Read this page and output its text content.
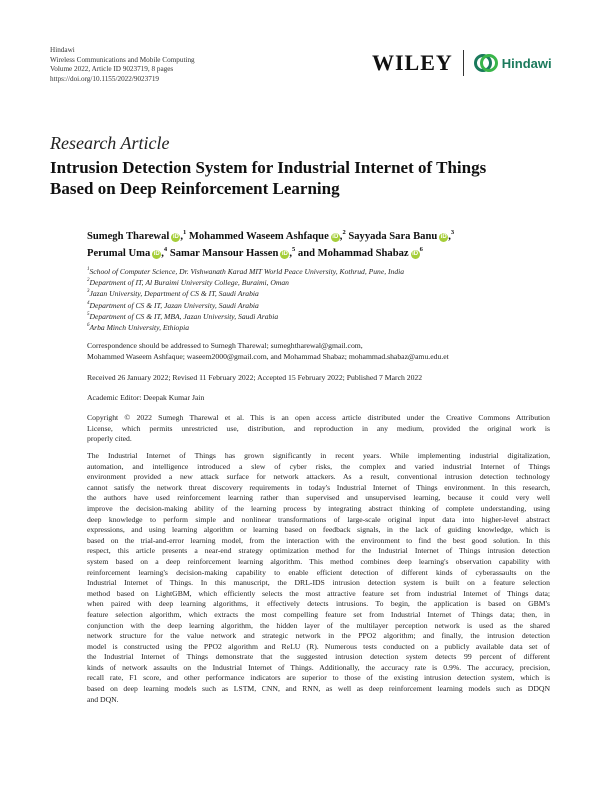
Hindawi
Wireless Communications and Mobile Computing
Volume 2022, Article ID 9023719, 8 pages
https://doi.org/10.1155/2022/9023719
WILEY	Hindawi
Research Article
Intrusion Detection System for Industrial Internet of Things
Based on Deep Reinforcement Learning
Sumegh Tharewal iD ,$^1$ Mohammed Waseem Ashfaque iD ,$^2$ Sayyada Sara Banu iD ,$^3$
Perumal Uma iD ,$^4$ Samar Mansour Hassen iD ,$^5$ and Mohammad Shabaz $iD^6$
$^1$School of Computer Science, Dr. Vishwanath Karad MIT World Peace University, Kothrud, Pune, India
$^2$Department of IT, Al Buraimi University College, Buraimi, Oman
$^3$Jazan University, Department of CS & IT, Saudi Arabia
$^4$Department of CS & IT, Jazan University, Saudi Arabia
$^5$Department of CS & IT, MBA, Jazan University, Saudi Arabia
$^6$Arba Minch University, Ethiopia
Correspondence should be addressed to Sumegh Tharewal; sumeghtharewal@gmail.com,
Mohammed Waseem Ashfaque; waseem2000@gmail.com, and Mohammad Shabaz; mohammad.shabaz@amu.edu.et
Received 26 January 2022; Revised 11 February 2022; Accepted 15 February 2022; Published 7 March 2022
Academic Editor: Deepak Kumar Jain
Copyright © 2022 Sumegh Tharewal et al. This is an open access article distributed under the Creative Commons Attribution
License, which permits unrestricted use, distribution, and reproduction in any medium, provided the original work is
properly cited.
The Industrial Internet of Things has grown significantly in recent years. While implementing industrial digitalization,
automation, and intelligence introduced a slew of cyber risks, the complex and varied industrial Internet of Things
environment provided a new attack surface for network attackers. As a result, conventional intrusion detection technology
cannot satisfy the network threat discovery requirements in today's Industrial Internet of Things environment. In this research,
the authors have used reinforcement learning rather than supervised and unsupervised learning, because it could very well
improve the decision-making ability of the learning process by integrating abstract thinking of complete understanding, using
deep knowledge to perform simple and nonlinear transformations of large-scale original input data into higher-level abstract
expressions, and using learning algorithm or learning based on feedback signals, in the lack of guiding knowledge, which is
based on the trial-and-error learning model, from the interaction with the environment to find the best good solution. In this
respect, this article presents a near-end strategy optimization method for the Industrial Internet of Things intrusion detection
system based on a deep reinforcement learning algorithm. This method combines deep learning's observation capability with
reinforcement learning's decision-making capability to enable efficient detection of different kinds of cyberassaults on the
Industrial Internet of Things. In this manuscript, the DRL-IDS intrusion detection system is built on a feature selection
method based on LightGBM, which efficiently selects the most attractive feature set from industrial Internet of Things data;
when paired with deep learning algorithms, it effectively detects intrusions. To begin, the application is based on GBM's
feature selection algorithm, which extracts the most compelling feature set from Industrial Internet of Things data; then, in
conjunction with the deep learning algorithm, the hidden layer of the multilayer perception network is used as the shared
network structure for the value network and strategic network in the PPO2 algorithm; and finally, the intrusion detection
model is constructed using the PPO2 algorithm and ReLU (R). Numerous tests conducted on a publicly available data set of
the Industrial Internet of Things demonstrate that the suggested intrusion detection system detects 99 percent of different
kinds of network assaults on the Industrial Internet of Things. Additionally, the accuracy rate is 0.9%. The accuracy, precision,
recall rate, F1 score, and other performance indicators are superior to those of the existing intrusion detection system, which is
based on deep learning models such as LSTM, CNN, and RNN, as well as deep reinforcement learning models such as DDQN
and DQN.
